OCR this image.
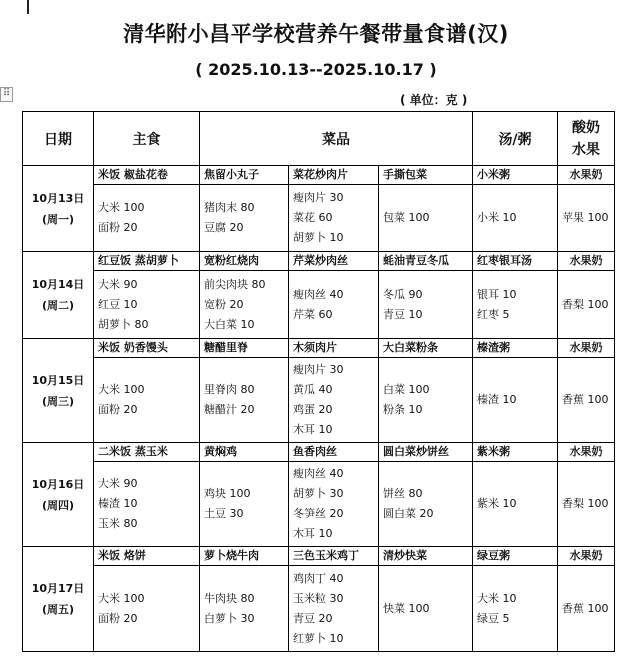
⠿
清华附小昌平学校营养午餐带量食谱(汉)
( 2025.10.13--2025.10.17 )
( 单位：克 )
日期	主食	菜品			汤/粥	酸奶
水果

10月13日
(周一)	米饭 椒盐花卷	焦留小丸子	菜花炒肉片	手撕包菜	小米粥	水果奶

	大米 100
面粉 20	猪肉末 80
豆腐 20	瘦肉片 30
菜花 60
胡萝卜 10	包菜 100	小米 10	苹果 100

10月14日
(周二)	红豆饭 蒸胡萝卜	宽粉红烧肉	芹菜炒肉丝	蚝油青豆冬瓜	红枣银耳汤	水果奶

	大米 90
红豆 10
胡萝卜 80	前尖肉块 80
宽粉 20
大白菜 10	瘦肉丝 40
芹菜 60	冬瓜 90
青豆 10	银耳 10
红枣 5	香梨 100

10月15日
(周三)	米饭 奶香馒头	糖醋里脊	木须肉片	大白菜粉条	榛渣粥	水果奶

	大米 100
面粉 20	里脊肉 80
糖醋汁 20	瘦肉片 30
黄瓜 40
鸡蛋 20
木耳 10	白菜 100
粉条 10	榛渣 10	香蕉 100

10月16日
(周四)	二米饭 蒸玉米	黄焖鸡	鱼香肉丝	圆白菜炒饼丝	紫米粥	水果奶

	大米 90
榛渣 10
玉米 80	鸡块 100
土豆 30	瘦肉丝 40
胡萝卜 30
冬笋丝 20
木耳 10	饼丝 80
圆白菜 20	紫米 10	香梨 100

10月17日
(周五)	米饭 烙饼	萝卜烧牛肉	三色玉米鸡丁	清炒快菜	绿豆粥	水果奶

	大米 100
面粉 20	牛肉块 80
白萝卜 30	鸡肉丁 40
玉米粒 30
青豆 20
红萝卜 10	快菜 100	大米 10
绿豆 5	香蕉 100
